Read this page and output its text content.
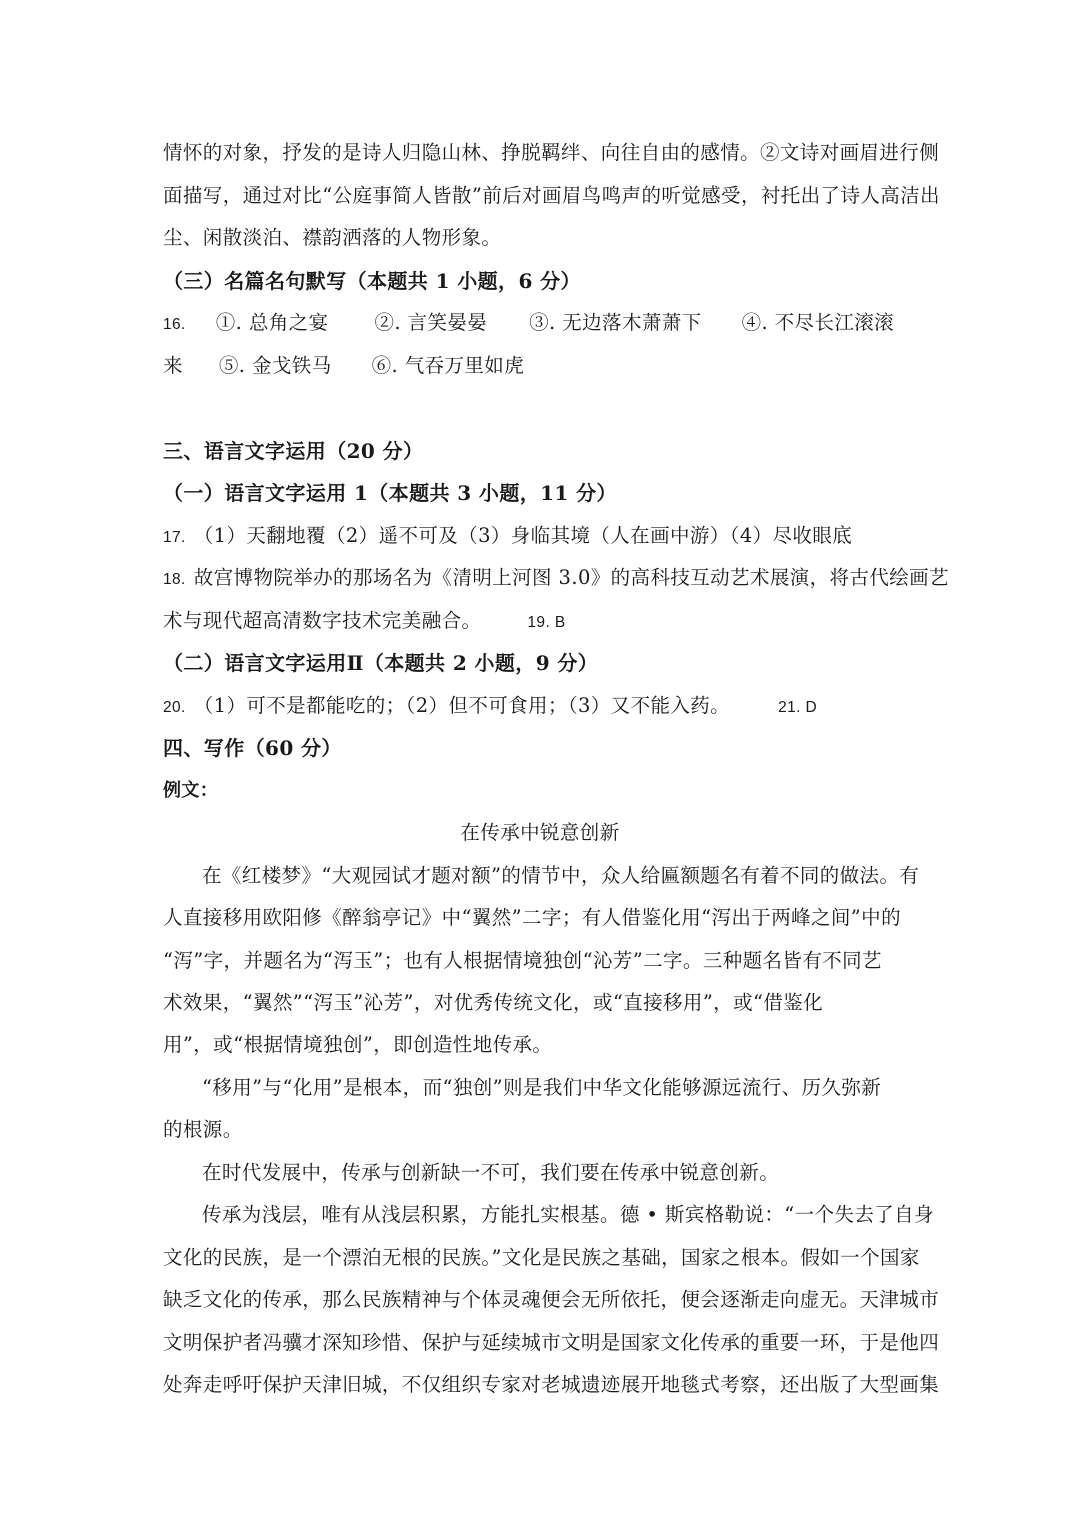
情怀的对象，抒发的是诗人归隐山林、挣脱羁绊、向往自由的感情。②文诗对画眉进行侧
面描写，通过对比“公庭事简人皆散”前后对画眉鸟鸣声的听觉感受，衬托出了诗人高洁出
尘、闲散淡泊、襟韵洒落的人物形象。
（三）名篇名句默写（本题共 1 小题，6 分）
16. ①. 总角之宴 ②. 言笑晏晏 ③. 无边落木萧萧下 ④. 不尽长江滚滚
来 ⑤. 金戈铁马 ⑥. 气吞万里如虎
三、语言文字运用（20 分）
（一）语言文字运用 1（本题共 3 小题，11 分）
17. （1）天翻地覆（2）遥不可及（3）身临其境（人在画中游）（4）尽收眼底
18. 故宫博物院举办的那场名为《清明上河图 3.0》的高科技互动艺术展演，将古代绘画艺
术与现代超高清数字技术完美融合。	19. B
（二）语言文字运用Ⅱ（本题共 2 小题，9 分）
20. （1）可不是都能吃的；（2）但不可食用；（3）又不能入药。	21. D
四、写作（60 分）
例文：
在传承中锐意创新
在《红楼梦》“大观园试才题对额”的情节中，众人给匾额题名有着不同的做法。有
人直接移用欧阳修《醉翁亭记》中“翼然”二字；有人借鉴化用“泻出于两峰之间”中的
“泻”字，并题名为“泻玉”；也有人根据情境独创“沁芳”二字。三种题名皆有不同艺
术效果，“翼然”“泻玉”沁芳”，对优秀传统文化，或“直接移用”，或“借鉴化
用”，或“根据情境独创”，即创造性地传承。
“移用”与“化用”是根本，而“独创”则是我们中华文化能够源远流行、历久弥新
的根源。
在时代发展中，传承与创新缺一不可，我们要在传承中锐意创新。
传承为浅层，唯有从浅层积累，方能扎实根基。德 • 斯宾格勒说：“一个失去了自身
文化的民族，是一个漂泊无根的民族。”文化是民族之基础，国家之根本。假如一个国家
缺乏文化的传承，那么民族精神与个体灵魂便会无所依托，便会逐渐走向虚无。天津城市
文明保护者冯骥才深知珍惜、保护与延续城市文明是国家文化传承的重要一环，于是他四
处奔走呼吁保护天津旧城，不仅组织专家对老城遗迹展开地毯式考察，还出版了大型画集
